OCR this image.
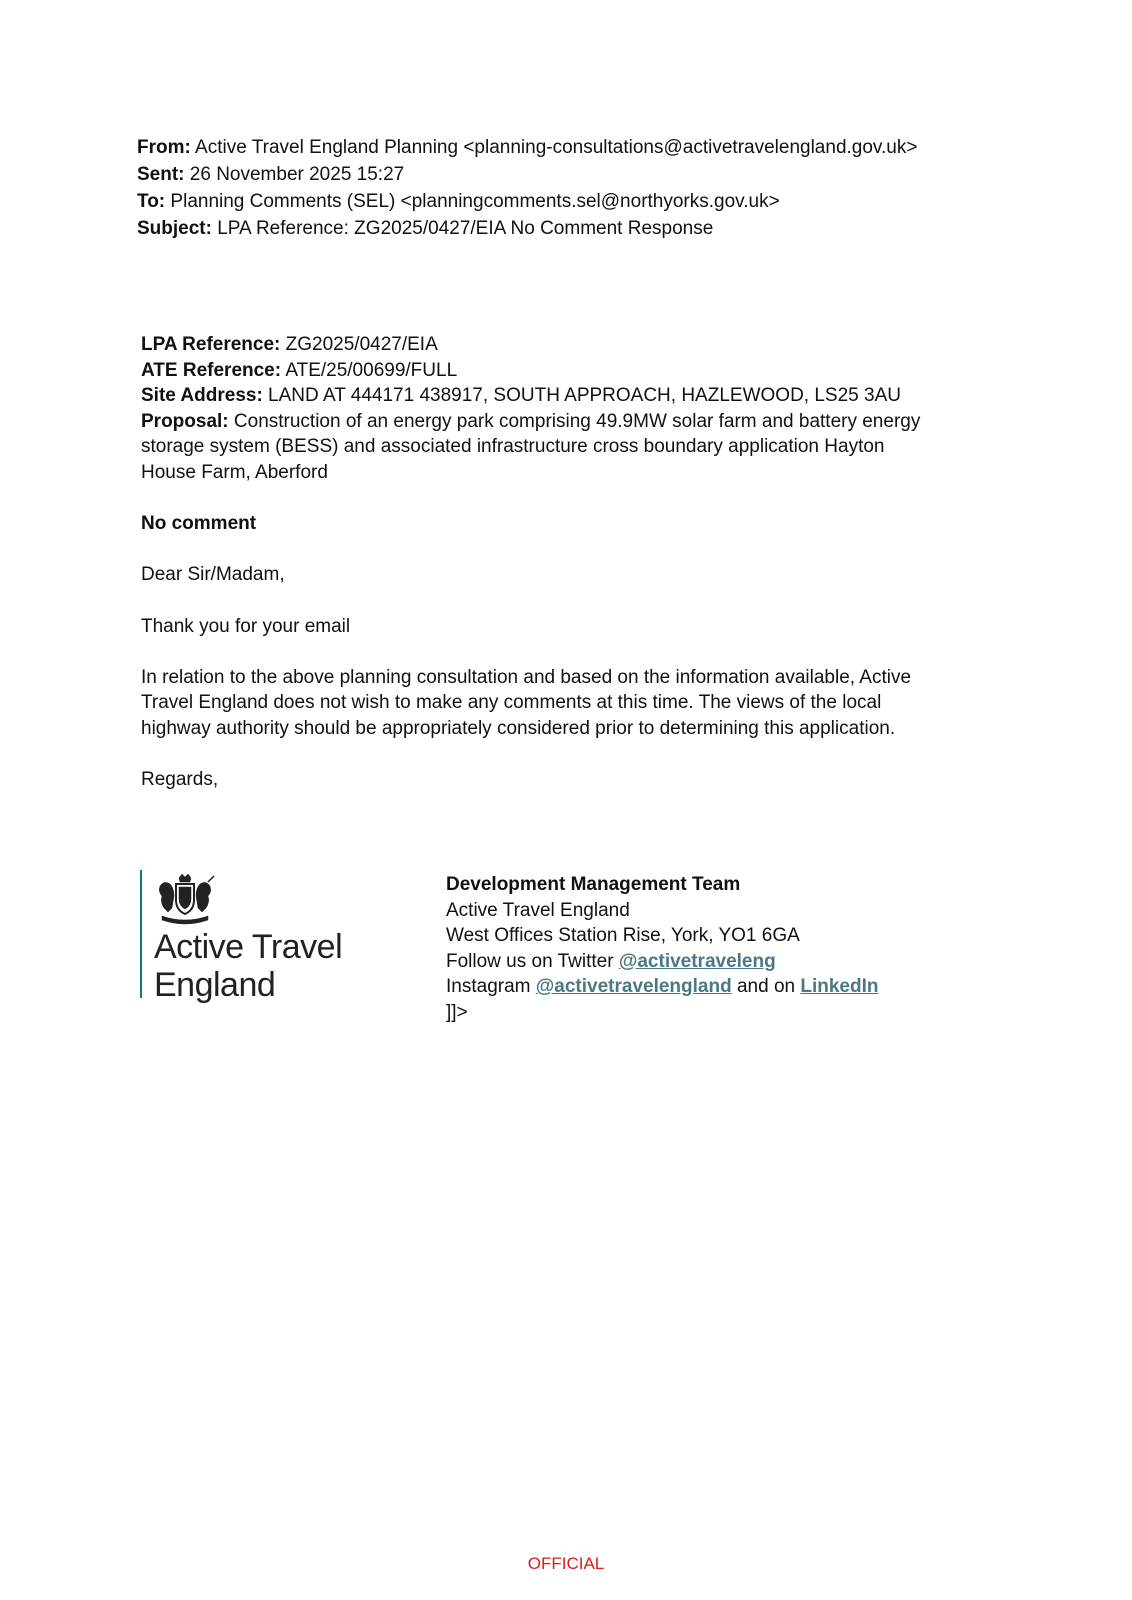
From: Active Travel England Planning <planning-consultations@activetravelengland.gov.uk>
Sent: 26 November 2025 15:27
To: Planning Comments (SEL) <planningcomments.sel@northyorks.gov.uk>
Subject: LPA Reference: ZG2025/0427/EIA No Comment Response
LPA Reference: ZG2025/0427/EIA
ATE Reference: ATE/25/00699/FULL
Site Address: LAND AT 444171 438917, SOUTH APPROACH, HAZLEWOOD, LS25 3AU

Proposal: Construction of an energy park comprising 49.9MW solar farm and battery energy storage system (BESS) and associated infrastructure cross boundary application Hayton House Farm, Aberford

No comment

Dear Sir/Madam,

Thank you for your email

In relation to the above planning consultation and based on the information available, Active Travel England does not wish to make any comments at this time. The views of the local highway authority should be appropriately considered prior to determining this application.

Regards,

Active Travel
England
Development Management Team
Active Travel England
West Offices Station Rise, York, YO1 6GA
Follow us on Twitter @activetraveleng
Instagram @activetravelengland and on LinkedIn
]]>
OFFICIAL
